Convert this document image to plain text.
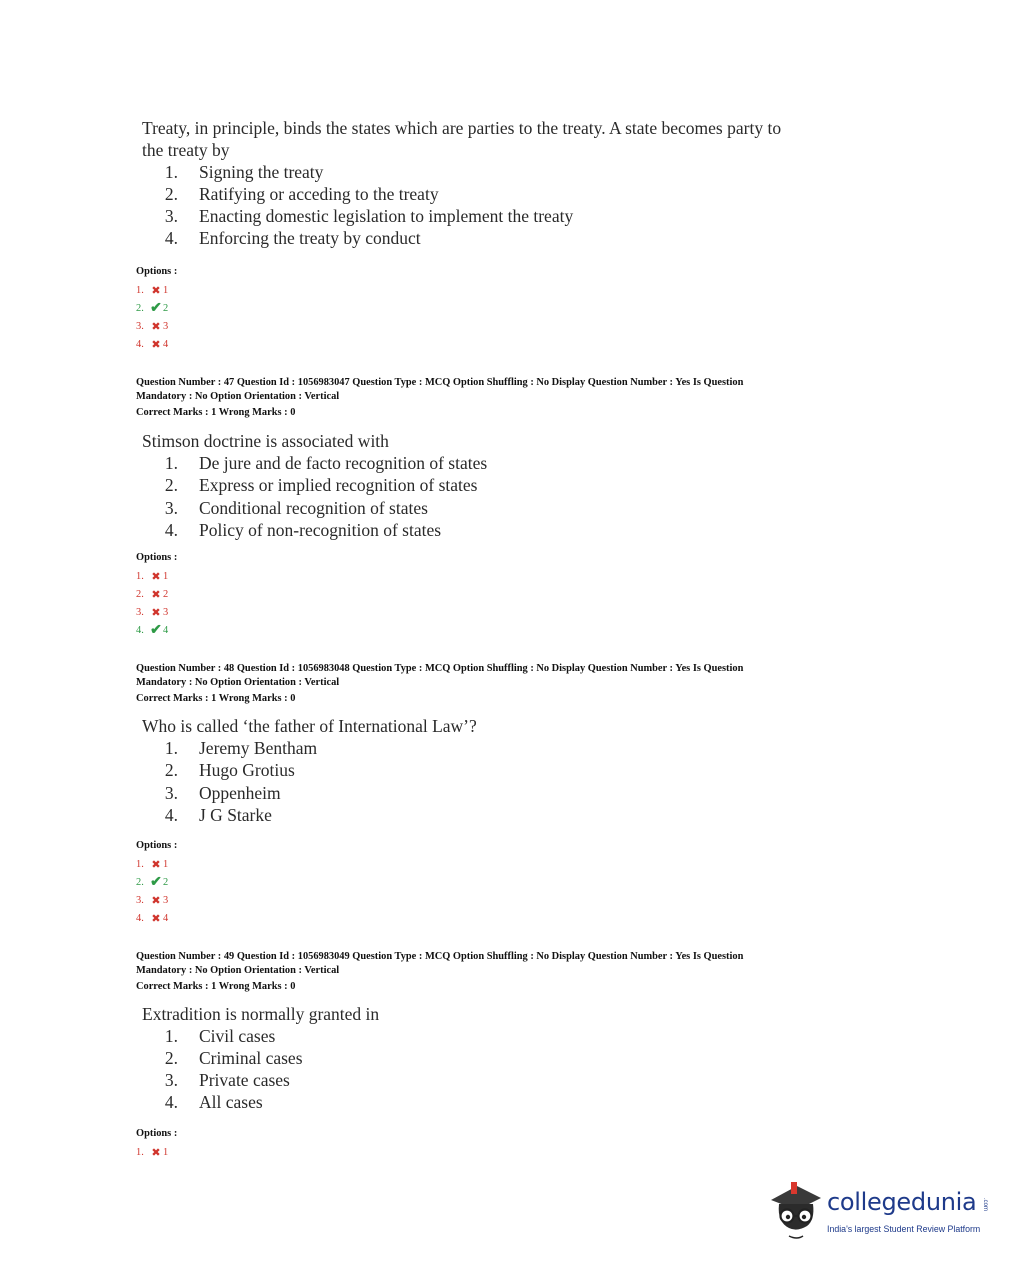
Treaty, in principle, binds the states which are parties to the treaty. A state becomes party to

the treaty by

1.	Signing the treaty
2.	Ratifying or acceding to the treaty
3.	Enacting domestic legislation to implement the treaty
4.	Enforcing the treaty by conduct
Options :
1. ✖ 1
2. ✔ 2
3. ✖ 3
4. ✖ 4

Question Number : 47 Question Id : 1056983047 Question Type : MCQ Option Shuffling : No Display Question Number : Yes Is Question

Mandatory : No Option Orientation : Vertical

Correct Marks : 1 Wrong Marks : 0

Stimson doctrine is associated with

1.	De jure and de facto recognition of states
2.	Express or implied recognition of states
3.	Conditional recognition of states
4.	Policy of non-recognition of states
Options :
1. ✖ 1
2. ✖ 2
3. ✖ 3
4. ✔ 4

Question Number : 48 Question Id : 1056983048 Question Type : MCQ Option Shuffling : No Display Question Number : Yes Is Question

Mandatory : No Option Orientation : Vertical

Correct Marks : 1 Wrong Marks : 0

Who is called ‘the father of International Law’?

1.	Jeremy Bentham
2.	Hugo Grotius
3.	Oppenheim
4.	J G Starke
Options :
1. ✖ 1
2. ✔ 2
3. ✖ 3
4. ✖ 4

Question Number : 49 Question Id : 1056983049 Question Type : MCQ Option Shuffling : No Display Question Number : Yes Is Question

Mandatory : No Option Orientation : Vertical

Correct Marks : 1 Wrong Marks : 0

Extradition is normally granted in

1.	Civil cases
2.	Criminal cases
3.	Private cases
4.	All cases
Options :
1. ✖ 1
collegedunia .com
India's largest Student Review Platform
